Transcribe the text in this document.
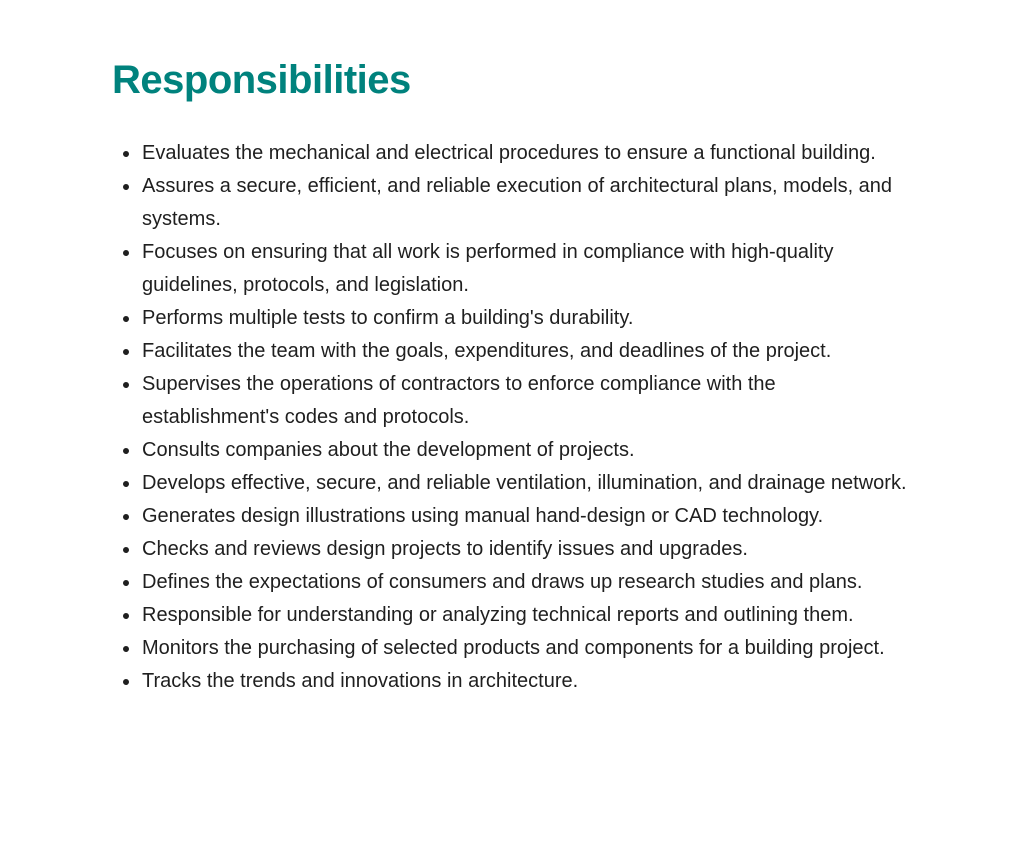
Responsibilities
Evaluates the mechanical and electrical procedures to ensure a functional building.
Assures a secure, efficient, and reliable execution of architectural plans, models, and systems.
Focuses on ensuring that all work is performed in compliance with high-quality guidelines, protocols, and legislation.
Performs multiple tests to confirm a building's durability.
Facilitates the team with the goals, expenditures, and deadlines of the project.
Supervises the operations of contractors to enforce compliance with the establishment's codes and protocols.
Consults companies about the development of projects.
Develops effective, secure, and reliable ventilation, illumination, and drainage network.
Generates design illustrations using manual hand-design or CAD technology.
Checks and reviews design projects to identify issues and upgrades.
Defines the expectations of consumers and draws up research studies and plans.
Responsible for understanding or analyzing technical reports and outlining them.
Monitors the purchasing of selected products and components for a building project.
Tracks the trends and innovations in architecture.
